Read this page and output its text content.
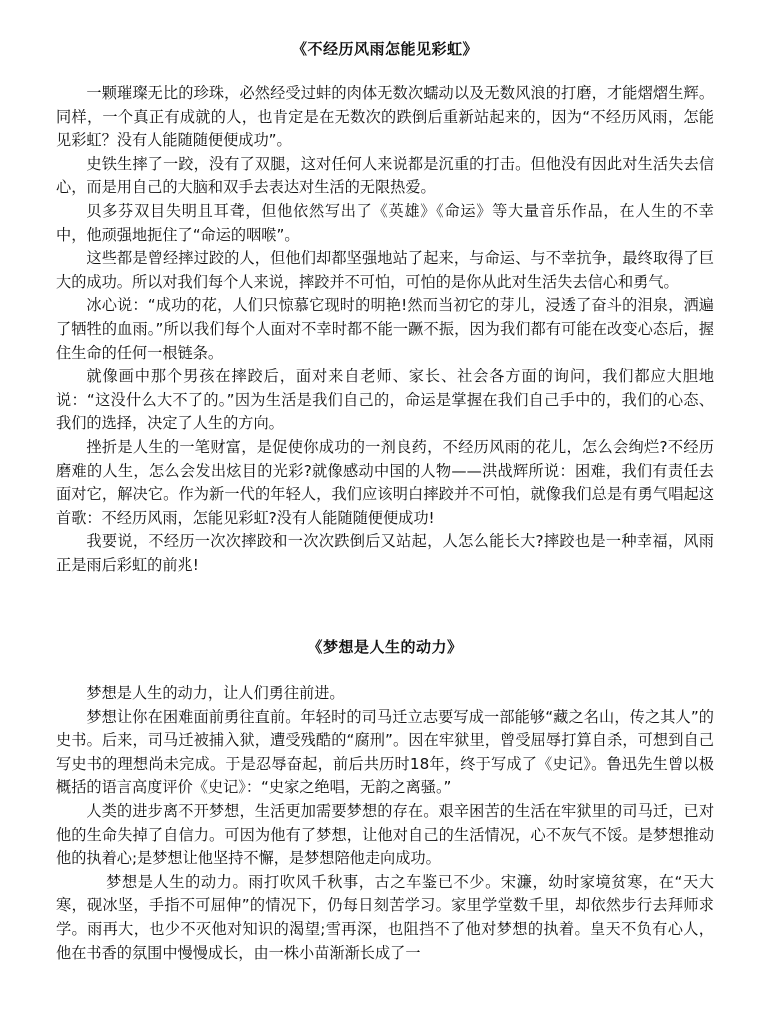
《不经历风雨怎能见彩虹》

一颗璀璨无比的珍珠，必然经受过蚌的肉体无数次蠕动以及无数风浪的打磨，才能熠熠生辉。同样，一个真正有成就的人，也肯定是在无数次的跌倒后重新站起来的，因为“不经历风雨，怎能见彩虹？没有人能随随便便成功”。

史铁生摔了一跤，没有了双腿，这对任何人来说都是沉重的打击。但他没有因此对生活失去信心，而是用自己的大脑和双手去表达对生活的无限热爱。

贝多芬双目失明且耳聋，但他依然写出了《英雄》《命运》等大量音乐作品，在人生的不幸中，他顽强地扼住了“命运的咽喉”。

这些都是曾经摔过跤的人，但他们却都坚强地站了起来，与命运、与不幸抗争，最终取得了巨大的成功。所以对我们每个人来说，摔跤并不可怕，可怕的是你从此对生活失去信心和勇气。

冰心说：“成功的花，人们只惊慕它现时的明艳!然而当初它的芽儿，浸透了奋斗的泪泉，洒遍了牺牲的血雨。”所以我们每个人面对不幸时都不能一蹶不振，因为我们都有可能在改变心态后，握住生命的任何一根链条。

就像画中那个男孩在摔跤后，面对来自老师、家长、社会各方面的询问，我们都应大胆地说：“这没什么大不了的。”因为生活是我们自己的，命运是掌握在我们自己手中的，我们的心态、我们的选择，决定了人生的方向。

挫折是人生的一笔财富，是促使你成功的一剂良药，不经历风雨的花儿，怎么会绚烂?不经历磨难的人生，怎么会发出炫目的光彩?就像感动中国的人物——洪战辉所说：困难，我们有责任去面对它，解决它。作为新一代的年轻人，我们应该明白摔跤并不可怕，就像我们总是有勇气唱起这首歌：不经历风雨，怎能见彩虹?没有人能随随便便成功!

我要说，不经历一次次摔跤和一次次跌倒后又站起，人怎么能长大?摔跤也是一种幸福，风雨正是雨后彩虹的前兆!

《梦想是人生的动力》

梦想是人生的动力，让人们勇往前进。

梦想让你在困难面前勇往直前。年轻时的司马迁立志要写成一部能够“藏之名山，传之其人”的史书。后来，司马迁被捕入狱，遭受残酷的“腐刑”。因在牢狱里，曾受屈辱打算自杀，可想到自己写史书的理想尚未完成。于是忍辱奋起，前后共历时18年，终于写成了《史记》。鲁迅先生曾以极概括的语言高度评价《史记》：“史家之绝唱，无韵之离骚。”

人类的进步离不开梦想，生活更加需要梦想的存在。艰辛困苦的生活在牢狱里的司马迁，已对他的生命失掉了自信力。可因为他有了梦想，让他对自己的生活情况，心不灰气不馁。是梦想推动他的执着心;是梦想让他坚持不懈，是梦想陪他走向成功。

梦想是人生的动力。雨打吹风千秋事，古之车鉴已不少。宋濂，幼时家境贫寒，在“天大寒，砚冰坚，手指不可屈伸”的情况下，仍每日刻苦学习。家里学堂数千里，却依然步行去拜师求学。雨再大，也少不灭他对知识的渴望;雪再深，也阻挡不了他对梦想的执着。皇天不负有心人，他在书香的氛围中慢慢成长，由一株小苗渐渐长成了一
